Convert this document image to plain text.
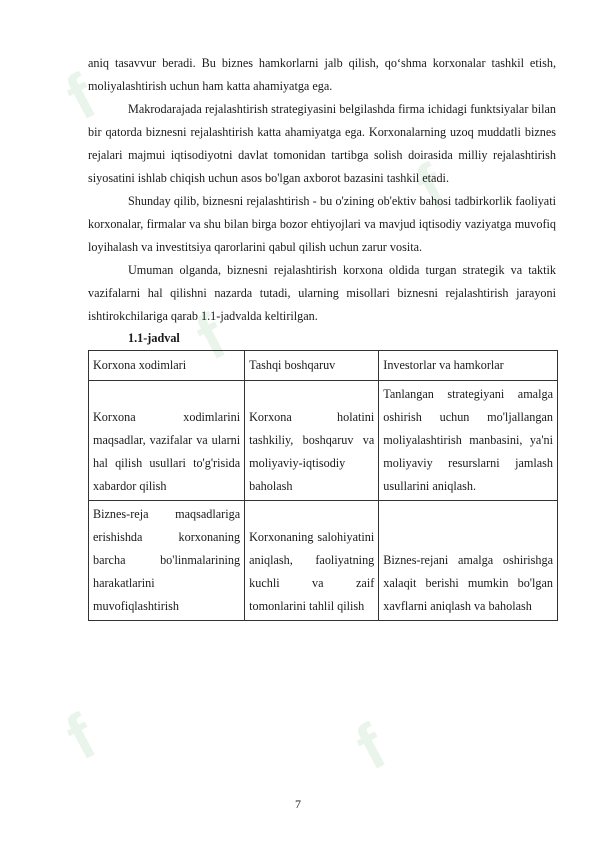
f
f
f
f	f

aniq tasavvur beradi. Bu biznes hamkorlarni jalb qilish, qo‘shma korxonalar tashkil etish, moliyalashtirish uchun ham katta ahamiyatga ega.

Makrodarajada rejalashtirish strategiyasini belgilashda firma ichidagi funktsiyalar bilan bir qatorda biznesni rejalashtirish katta ahamiyatga ega. Korxonalarning uzoq muddatli biznes rejalari majmui iqtisodiyotni davlat tomonidan tartibga solish doirasida milliy rejalashtirish siyosatini ishlab chiqish uchun asos bo'lgan axborot bazasini tashkil etadi.

Shunday qilib, biznesni rejalashtirish - bu o'zining ob'ektiv bahosi tadbirkorlik faoliyati korxonalar, firmalar va shu bilan birga bozor ehtiyojlari va mavjud iqtisodiy vaziyatga muvofiq loyihalash va investitsiya qarorlarini qabul qilish uchun zarur vosita.

Umuman olganda, biznesni rejalashtirish korxona oldida turgan strategik va taktik vazifalarni hal qilishni nazarda tutadi, ularning misollari biznesni rejalashtirish jarayoni ishtirokchilariga qarab 1.1-jadvalda keltirilgan.

1.1-jadval

Korxona xodimlari	Tashqi boshqaruv	Investorlar va hamkorlar
Korxona xodimlarini maqsadlar, vazifalar va ularni hal qilish usullari to'g'risida xabardor qilish	Korxona holatini tashkiliy, boshqaruv va moliyaviy-iqtisodiy baholash	Tanlangan strategiyani amalga oshirish uchun mo'ljallangan moliyalashtirish manbasini, ya'ni moliyaviy resurslarni jamlash usullarini aniqlash.
Biznes-reja maqsadlariga erishishda korxonaning barcha bo'linmalarining harakatlarini muvofiqlashtirish	Korxonaning salohiyatini aniqlash, faoliyatning kuchli va zaif tomonlarini tahlil qilish	Biznes-rejani amalga oshirishga xalaqit berishi mumkin bo'lgan xavflarni aniqlash va baholash
7
